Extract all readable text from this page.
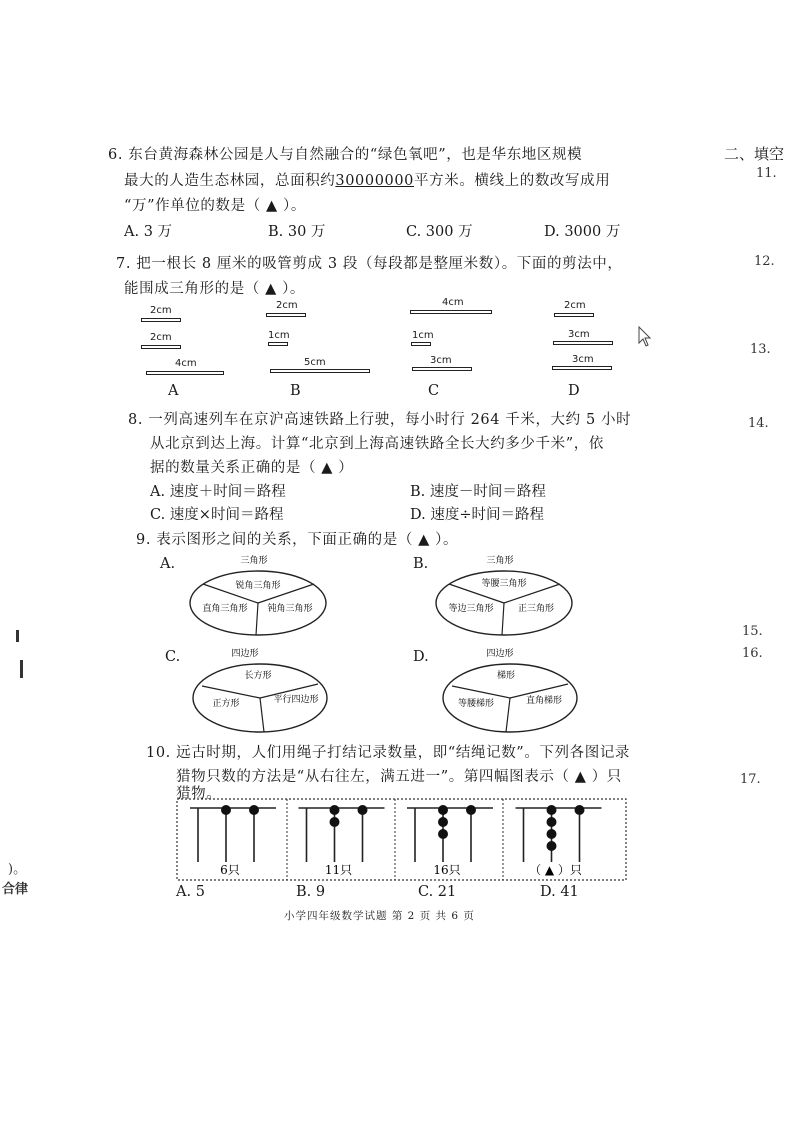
6. 东台黄海森林公园是人与自然融合的“绿色氧吧”，也是华东地区规模
最大的人造生态林园，总面积约30000000平方米。横线上的数改写成用
“万”作单位的数是（ ▲ ）。
A. 3 万	B. 30 万	C. 300 万	D. 3000 万
7. 把一根长 8 厘米的吸管剪成 3 段（每段都是整厘米数）。下面的剪法中，
能围成三角形的是（ ▲ ）。
2cm
2cm
4cm
A
2cm
1cm
5cm
B
4cm
1cm
3cm
C
2cm
3cm
3cm
D
8. 一列高速列车在京沪高速铁路上行驶，每小时行 264 千米，大约 5 小时
从北京到达上海。计算“北京到上海高速铁路全长大约多少千米”，依
据的数量关系正确的是（ ▲ ）
A. 速度＋时间＝路程	B. 速度－时间＝路程
C. 速度×时间＝路程	D. 速度÷时间＝路程
9. 表示图形之间的关系，下面正确的是（ ▲ ）。
A.	三角形
锐角三角形
直角三角形 钝角三角形
B.	三角形
等腰三角形
等边三角形	正三角形
C.	四边形
长方形
正方形	平行四边形
D.	四边形
梯形
等腰梯形	直角梯形
10. 远古时期，人们用绳子打结记录数量，即“结绳记数”。下列各图记录
猎物只数的方法是“从右往左，满五进一”。第四幅图表示（ ▲ ）只
猎物。
6只	11只	16只	（ ▲ ）只
A. 5	B. 9	C. 21	D. 41
小学四年级数学试题 第 2 页 共 6 页
二、填空
11.
12.
13.
14.
15.
16.
17.
)。
合律
